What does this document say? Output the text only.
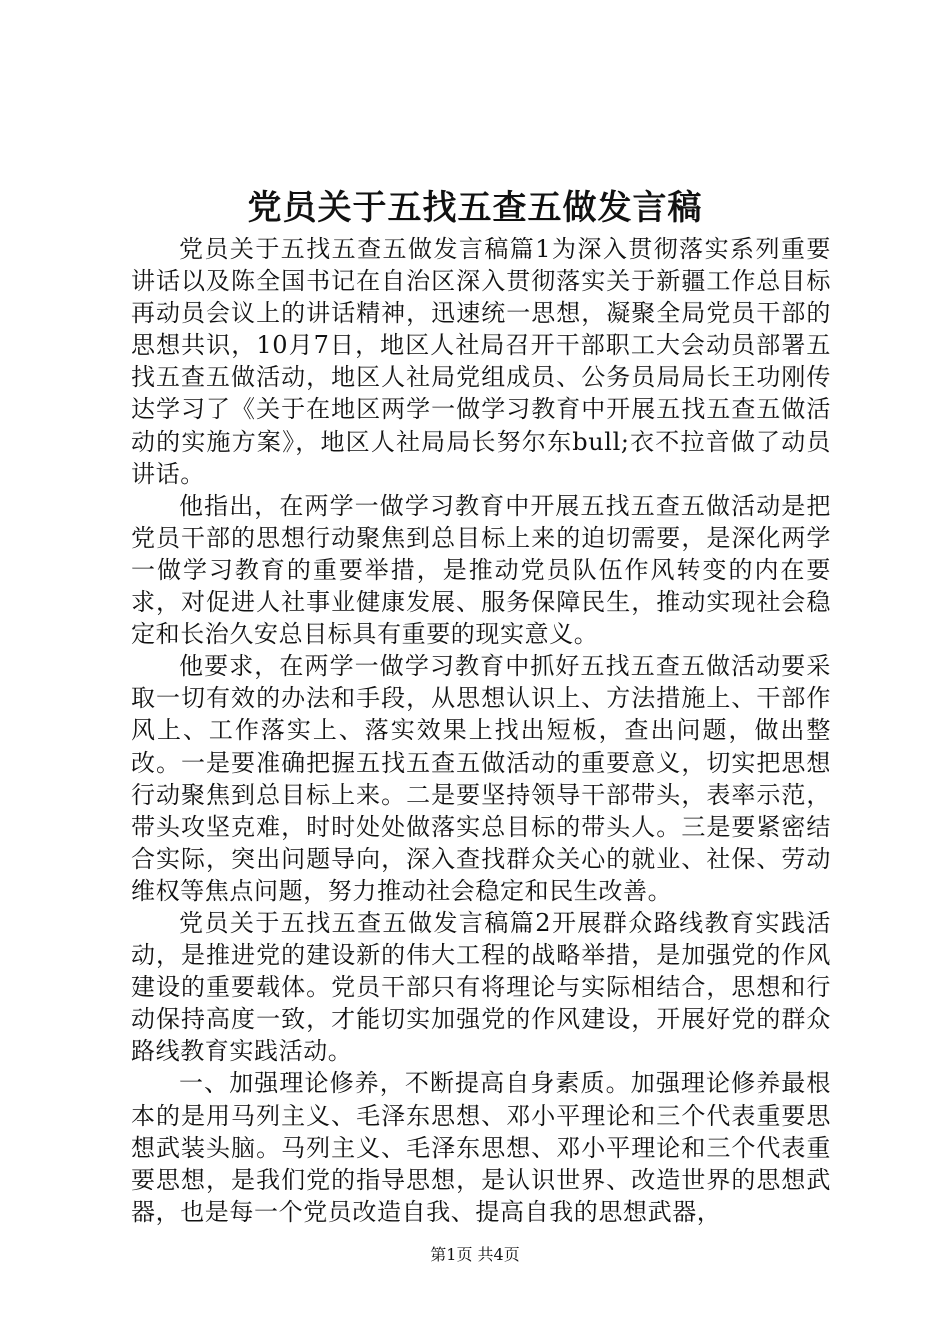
党员关于五找五查五做发言稿

党员关于五找五查五做发言稿篇1为深入贯彻落实系列重要讲话以及陈全国书记在自治区深入贯彻落实关于新疆工作总目标再动员会议上的讲话精神，迅速统一思想，凝聚全局党员干部的思想共识，10月7日，地区人社局召开干部职工大会动员部署五找五查五做活动，地区人社局党组成员、公务员局局长王功刚传达学习了《关于在地区两学一做学习教育中开展五找五查五做活动的实施方案》，地区人社局局长努尔东bull;衣不拉音做了动员讲话。

他指出，在两学一做学习教育中开展五找五查五做活动是把党员干部的思想行动聚焦到总目标上来的迫切需要，是深化两学一做学习教育的重要举措，是推动党员队伍作风转变的内在要求，对促进人社事业健康发展、服务保障民生，推动实现社会稳定和长治久安总目标具有重要的现实意义。

他要求，在两学一做学习教育中抓好五找五查五做活动要采取一切有效的办法和手段，从思想认识上、方法措施上、干部作风上、工作落实上、落实效果上找出短板，查出问题，做出整改。一是要准确把握五找五查五做活动的重要意义，切实把思想行动聚焦到总目标上来。二是要坚持领导干部带头，表率示范，带头攻坚克难，时时处处做落实总目标的带头人。三是要紧密结合实际，突出问题导向，深入查找群众关心的就业、社保、劳动维权等焦点问题，努力推动社会稳定和民生改善。

党员关于五找五查五做发言稿篇2开展群众路线教育实践活动，是推进党的建设新的伟大工程的战略举措，是加强党的作风建设的重要载体。党员干部只有将理论与实际相结合，思想和行动保持高度一致，才能切实加强党的作风建设，开展好党的群众路线教育实践活动。

一、加强理论修养，不断提高自身素质。加强理论修养最根本的是用马列主义、毛泽东思想、邓小平理论和三个代表重要思想武装头脑。马列主义、毛泽东思想、邓小平理论和三个代表重要思想，是我们党的指导思想，是认识世界、改造世界的思想武器，也是每一个党员改造自我、提高自我的思想武器，

第1页 共4页
